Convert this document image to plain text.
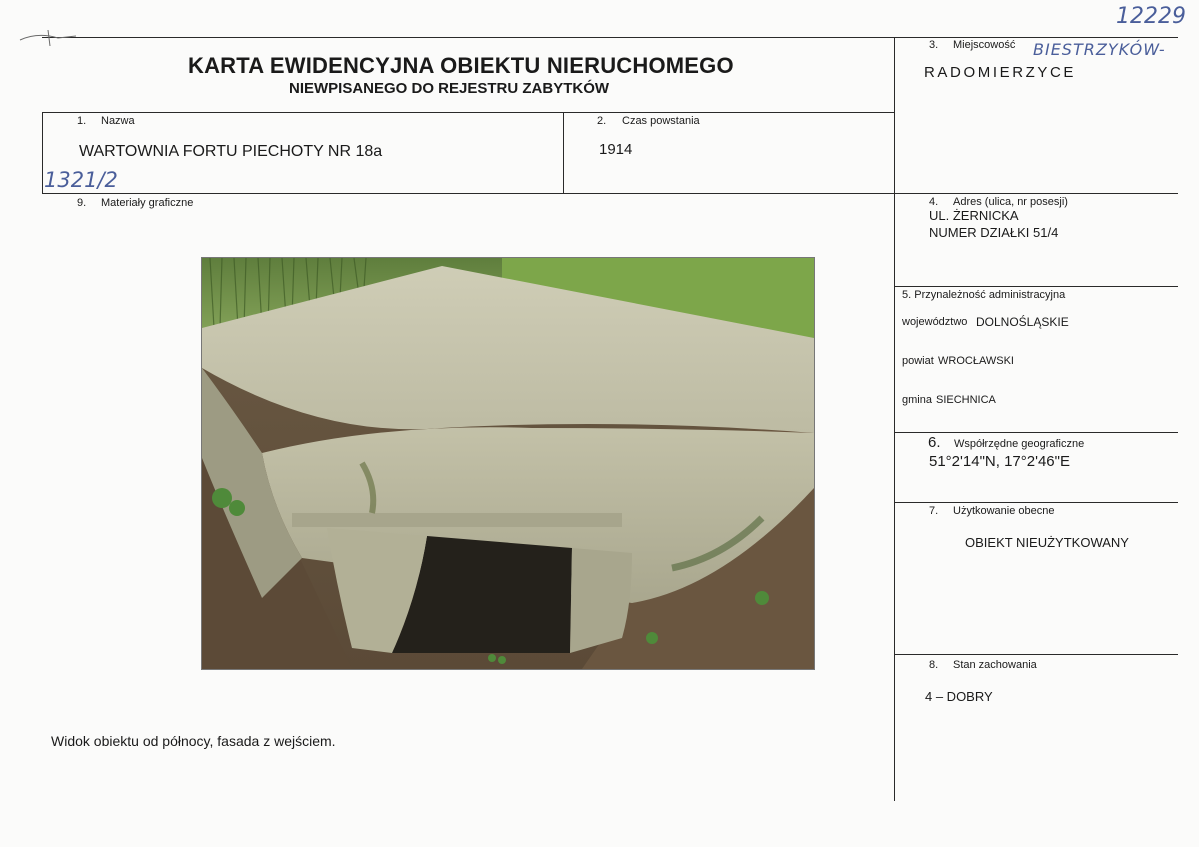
12229
KARTA EWIDENCYJNA OBIEKTU NIERUCHOMEGO
NIEWPISANEGO DO REJESTRU ZABYTKÓW
3. Miejscowość BIESTRZYKÓW-
RADOMIERZYCE
1. Nazwa
WARTOWNIA FORTU PIECHOTY NR 18a
1321/2
2. Czas powstania
1914
9. Materiały graficzne	4. Adres (ulica, nr posesji)
UL. ŻERNICKA
NUMER DZIAŁKI 51/4
5. Przynależność administracyjna
województwo DOLNOŚLĄSKIE
powiat WROCŁAWSKI
gmina SIECHNICA
6. Współrzędne geograficzne
51°2'14"N, 17°2'46"E
7. Użytkowanie obecne
OBIEKT NIEUŻYTKOWANY
8. Stan zachowania
4 – DOBRY
Widok obiektu od północy, fasada z wejściem.
